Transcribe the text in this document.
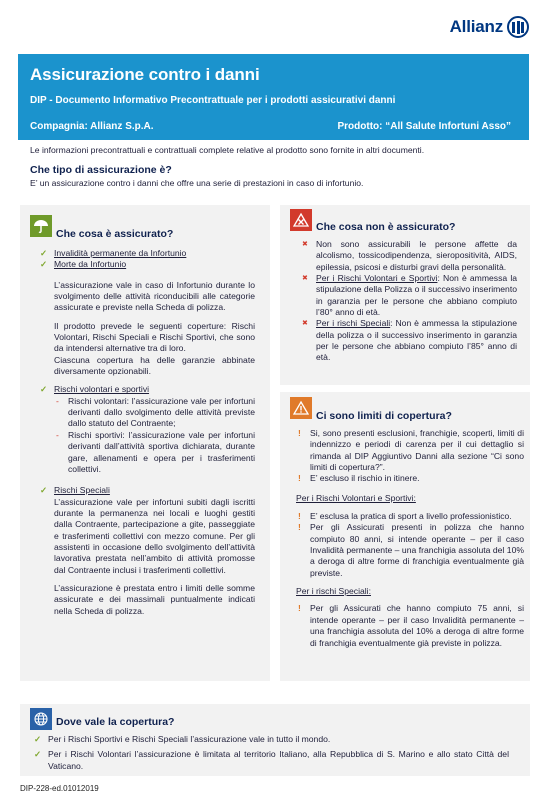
Allianz
Assicurazione contro i danni
DIP - Documento Informativo Precontrattuale per i prodotti assicurativi danni
Compagnia: Allianz S.p.A.	Prodotto: “All Salute Infortuni Asso”

Le informazioni precontrattuali e contrattuali complete relative al prodotto sono fornite in altri documenti.

Che tipo di assicurazione è?

E’ un assicurazione contro i danni che offre una serie di prestazioni in caso di infortunio.

Che cosa è assicurato?
✓ Invalidità permanente da Infortunio
✓ Morte da Infortunio

L’assicurazione vale in caso di Infortunio durante lo svolgimento delle attività riconducibili alle categorie assicurate e previste nella Scheda di polizza.

Il prodotto prevede le seguenti coperture: Rischi Volontari, Rischi Speciali e Rischi Sportivi, che sono da intendersi alternative tra di loro.

Ciascuna copertura ha delle garanzie abbinate diversamente opzionabili.

✓ Rischi volontari e sportivi
- Rischi volontari: l’assicurazione vale per infortuni derivanti dallo svolgimento delle attività previste dallo statuto del Contraente;
- Rischi sportivi: l’assicurazione vale per infortuni derivanti dall’attività sportiva dichiarata, durante gare, allenamenti e opera per i trasferimenti collettivi.
✓ Rischi Speciali

L’assicurazione vale per infortuni subiti dagli iscritti durante la permanenza nei locali e luoghi gestiti dalla Contraente, partecipazione a gite, passeggiate e trasferimenti collettivi con mezzo comune. Per gli assistenti in occasione dello svolgimento dell’attività lavorativa prestata nell’ambito di attività promosse dal Contraente inclusi i trasferimenti collettivi.

L’assicurazione è prestata entro i limiti delle somme assicurate e dei massimali puntualmente indicati nella Scheda di polizza.

Che cosa non è assicurato?
✖ Non sono assicurabili le persone affette da alcolismo, tossicodipendenza, sieropositività, AIDS, epilessia, psicosi e disturbi gravi della personalità.
✖ Per i Rischi Volontari e Sportivi: Non è ammessa la stipulazione della Polizza o il successivo inserimento in garanzia per le persone che abbiano compiuto l’80° anno di età.
✖ Per i rischi Speciali: Non è ammessa la stipulazione della polizza o il successivo inserimento in garanzia per le persone che abbiano compiuto l’85° anno di età.
Ci sono limiti di copertura?
! Si, sono presenti esclusioni, franchigie, scoperti, limiti di indennizzo e periodi di carenza per il cui dettaglio si rimanda al DIP Aggiuntivo Danni alla sezione “Ci sono limiti di copertura?”.
! E’ escluso il rischio in itinere.
Per i Rischi Volontari e Sportivi:
! E’ esclusa la pratica di sport a livello professionistico.
! Per gli Assicurati presenti in polizza che hanno compiuto 80 anni, si intende operante – per il caso Invalidità permanente – una franchigia assoluta del 10% a deroga di altre forme di franchigia eventualmente già previste.
Per i rischi Speciali:
! Per gli Assicurati che hanno compiuto 75 anni, si intende operante – per il caso Invalidità permanente – una franchigia assoluta del 10% a deroga di altre forme di franchigia eventualmente già previste in polizza.
Dove vale la copertura?
✓ Per i Rischi Sportivi e Rischi Speciali l’assicurazione vale in tutto il mondo.
✓ Per i Rischi Volontari l’assicurazione è limitata al territorio Italiano, alla Repubblica di S. Marino e allo stato Città del Vaticano.
DIP-228-ed.01012019
